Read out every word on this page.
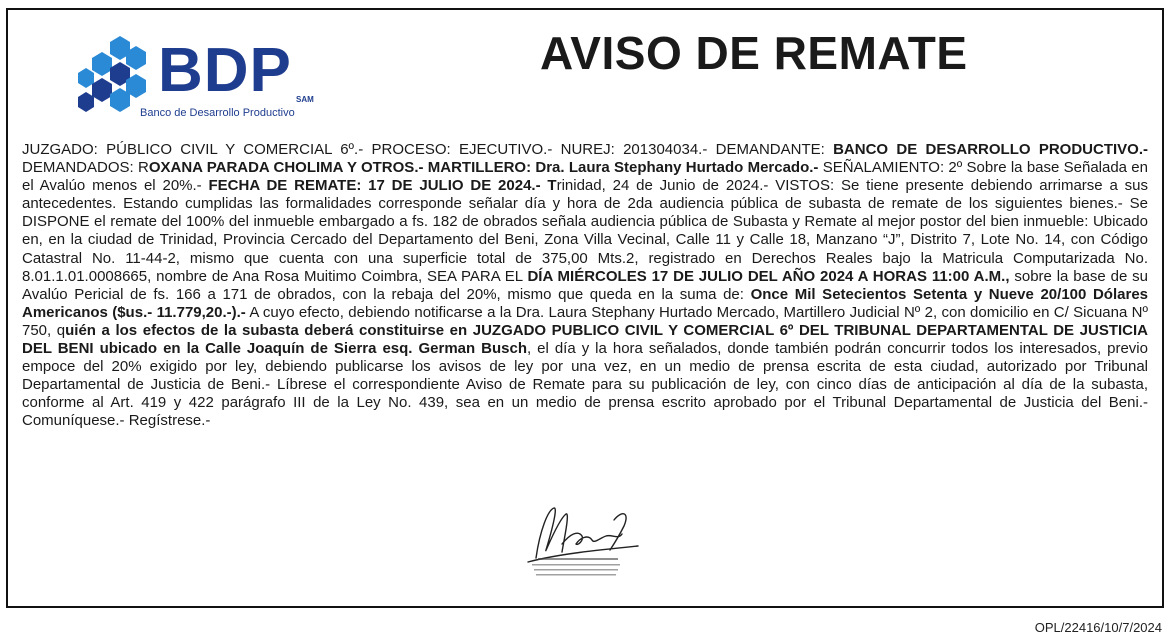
BDP SAM
Banco de Desarrollo Productivo
AVISO DE REMATE
JUZGADO: PÚBLICO CIVIL Y COMERCIAL 6º.- PROCESO: EJECUTIVO.- NUREJ: 201304034.- DEMANDANTE: BANCO DE DESARROLLO PRODUCTIVO.- DEMANDADOS: ROXANA PARADA CHOLIMA Y OTROS.- MARTILLERO: Dra. Laura Stephany Hurtado Mercado.- SEÑALAMIENTO: 2º Sobre la base Señalada en el Avalúo menos el 20%.- FECHA DE REMATE: 17 DE JULIO DE 2024.- Trinidad, 24 de Junio de 2024.- VISTOS: Se tiene presente debiendo arrimarse a sus antecedentes. Estando cumplidas las formalidades corresponde señalar día y hora de 2da audiencia pública de subasta de remate de los siguientes bienes.- Se DISPONE el remate del 100% del inmueble embargado a fs. 182 de obrados señala audiencia pública de Subasta y Remate al mejor postor del bien inmueble: Ubicado en, en la ciudad de Trinidad, Provincia Cercado del Departamento del Beni, Zona Villa Vecinal, Calle 11 y Calle 18, Manzano “J”, Distrito 7, Lote No. 14, con Código Catastral No. 11-44-2, mismo que cuenta con una superficie total de 375,00 Mts.2, registrado en Derechos Reales bajo la Matricula Computarizada No. 8.01.1.01.0008665, nombre de Ana Rosa Muitimo Coimbra, SEA PARA EL DÍA MIÉRCOLES 17 DE JULIO DEL AÑO 2024 A HORAS 11:00 A.M., sobre la base de su Avalúo Pericial de fs. 166 a 171 de obrados, con la rebaja del 20%, mismo que queda en la suma de: Once Mil Setecientos Setenta y Nueve 20/100 Dólares Americanos ($us.- 11.779,20.-).- A cuyo efecto, debiendo notificarse a la Dra. Laura Stephany Hurtado Mercado, Martillero Judicial Nº 2, con domicilio en C/ Sicuana Nº 750, quién a los efectos de la subasta deberá constituirse en JUZGADO PUBLICO CIVIL Y COMERCIAL 6º DEL TRIBUNAL DEPARTAMENTAL DE JUSTICIA DEL BENI ubicado en la Calle Joaquín de Sierra esq. German Busch, el día y la hora señalados, donde también podrán concurrir todos los interesados, previo empoce del 20% exigido por ley, debiendo publicarse los avisos de ley por una vez, en un medio de prensa escrita de esta ciudad, autorizado por Tribunal Departamental de Justicia de Beni.- Líbrese el correspondiente Aviso de Remate para su publicación de ley, con cinco días de anticipación al día de la subasta, conforme al Art. 419 y 422 parágrafo III de la Ley No. 439, sea en un medio de prensa escrito aprobado por el Tribunal Departamental de Justicia del Beni.- Comuníquese.- Regístrese.-
OPL/22416/10/7/2024
